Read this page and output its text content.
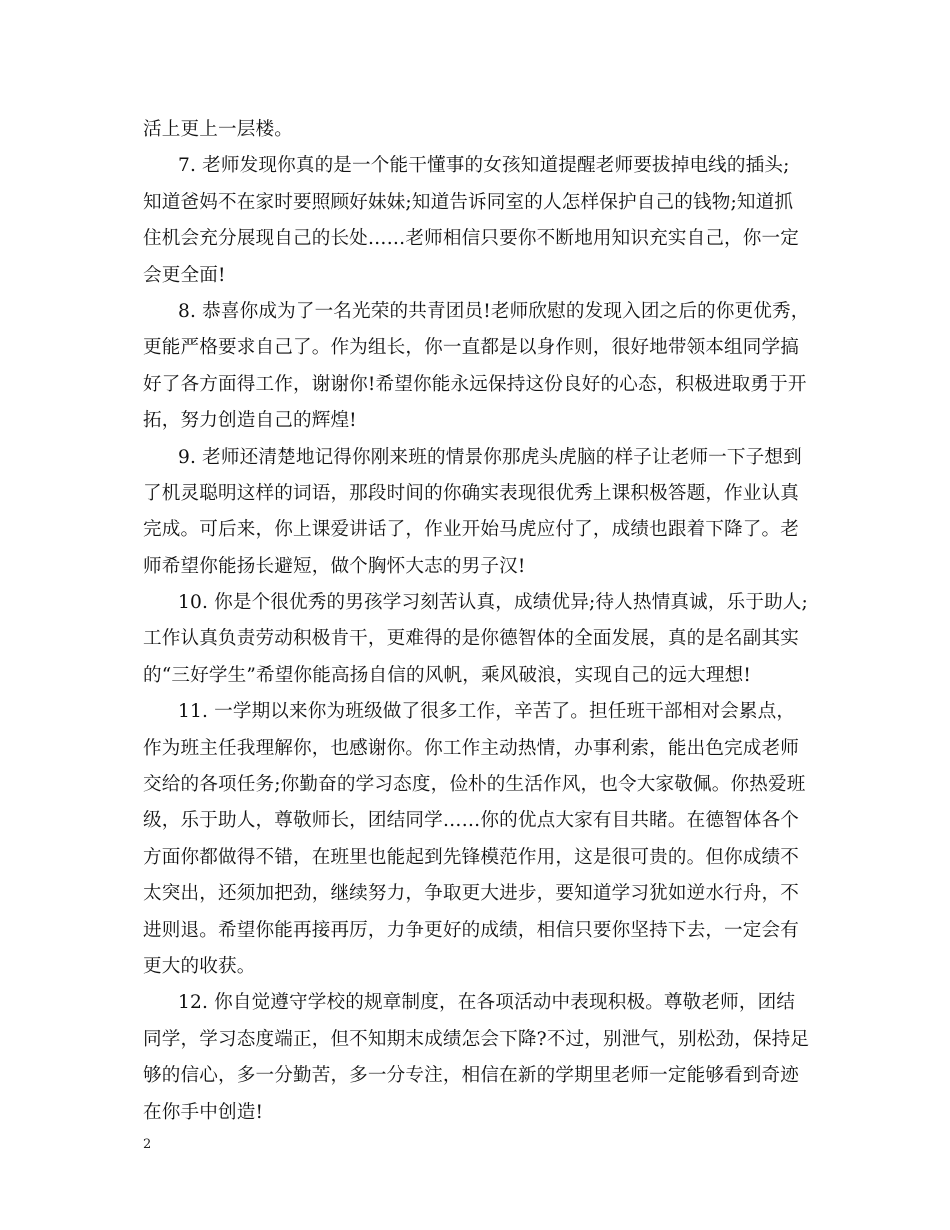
活上更上一层楼。
7. 老师发现你真的是一个能干懂事的女孩知道提醒老师要拔掉电线的插头;
知道爸妈不在家时要照顾好妹妹;知道告诉同室的人怎样保护自己的钱物;知道抓
住机会充分展现自己的长处……老师相信只要你不断地用知识充实自己，你一定
会更全面!
8. 恭喜你成为了一名光荣的共青团员!老师欣慰的发现入团之后的你更优秀，
更能严格要求自己了。作为组长，你一直都是以身作则，很好地带领本组同学搞
好了各方面得工作，谢谢你!希望你能永远保持这份良好的心态，积极进取勇于开
拓，努力创造自己的辉煌!
9. 老师还清楚地记得你刚来班的情景你那虎头虎脑的样子让老师一下子想到
了机灵聪明这样的词语，那段时间的你确实表现很优秀上课积极答题，作业认真
完成。可后来，你上课爱讲话了，作业开始马虎应付了，成绩也跟着下降了。老
师希望你能扬长避短，做个胸怀大志的男子汉!
10. 你是个很优秀的男孩学习刻苦认真，成绩优异;待人热情真诚，乐于助人;
工作认真负责劳动积极肯干，更难得的是你德智体的全面发展，真的是名副其实
的“三好学生”希望你能高扬自信的风帆，乘风破浪，实现自己的远大理想!
11. 一学期以来你为班级做了很多工作，辛苦了。担任班干部相对会累点，
作为班主任我理解你，也感谢你。你工作主动热情，办事利索，能出色完成老师
交给的各项任务;你勤奋的学习态度，俭朴的生活作风，也令大家敬佩。你热爱班
级，乐于助人，尊敬师长，团结同学……你的优点大家有目共睹。在德智体各个
方面你都做得不错，在班里也能起到先锋模范作用，这是很可贵的。但你成绩不
太突出，还须加把劲，继续努力，争取更大进步，要知道学习犹如逆水行舟，不
进则退。希望你能再接再厉，力争更好的成绩，相信只要你坚持下去，一定会有
更大的收获。
12. 你自觉遵守学校的规章制度，在各项活动中表现积极。尊敬老师，团结
同学，学习态度端正，但不知期末成绩怎会下降?不过，别泄气，别松劲，保持足
够的信心，多一分勤苦，多一分专注，相信在新的学期里老师一定能够看到奇迹
在你手中创造!
2
